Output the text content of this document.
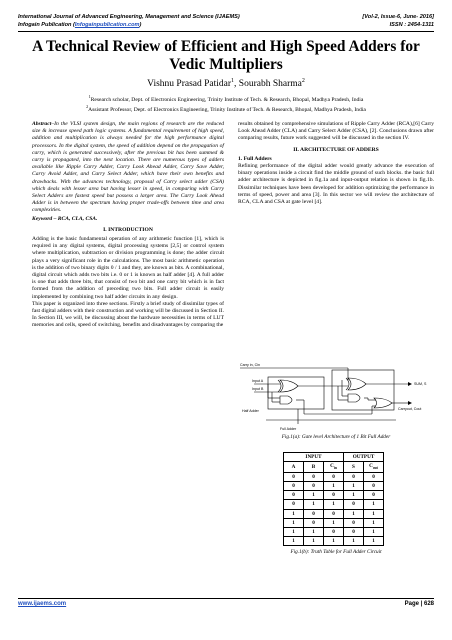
International Journal of Advanced Engineering, Management and Science (IJAEMS)	[Vol-2, Issue-6, June- 2016]
Infogain Publication (Infogainpublication.com)	ISSN : 2454-1311
A Technical Review of Efficient and High Speed Adders for Vedic Multipliers
Vishnu Prasad Patidar$^1$, Sourabh Sharma$^2$
$^1$Research scholar, Dept. of Electronics Engineering, Trinity Institute of Tech. & Research, Bhopal, Madhya Pradesh, India
$^2$Assistant Professor, Dept. of Electronics Engineering, Trinity Institute of Tech. & Research, Bhopal, Madhya Pradesh, India

Abstract–In the VLSI system design, the main regions of research are the reduced size & increase speed path logic systems. A fundamental requirement of high speed, addition and multiplication is always needed for the high performance digital processors. In the digital system, the speed of addition depend on the propagation of carry, which is generated successively, after the previous bit has been summed & carry is propagated, into the next location. There are numerous types of adders available like Ripple Carry Adder, Carry Look Ahead Adder, Carry Save Adder, Carry Avoid Adder, and Carry Select Adder, which have their own benefits and drawbacks. With the advances technology, proposal of Carry select adder (CSA) which deals with lesser area but having lesser in speed, in comparing with Carry Select Adders are fastest speed but possess a larger area. The Carry Look Ahead Adder is in between the spectrum having proper trade-offs between time and area complexities.

Keyword – RCA, CLA, CSA.

I. INTRODUCTION

Adding is the basic fundamental operation of any arithmetic function [1], which is required in any digital systems, digital processing systems [2,5] or control system where multiplication, subtraction or division programming is done; the adder circuit plays a very significant role in the calculations. The most basic arithmetic operation is the addition of two binary digits 0 / 1 and they, are known as bits. A combinational, digital circuit which adds two bits i.e. 0 or 1 is known as half adder [4]. A full adder is one that adds three bits, that consist of two bit and one carry bit which is in fact formed from the addition of preceding two bits. Full adder circuit is easily implemented by combining two half adder circuits in any design.

This paper is organized into three sections. Firstly a brief study of dissimilar types of fast digital adders with their construction and working will be discussed in Section II. In Section III, we will, be discussing about the hardware necessities in terms of LUT memories and cells, speed of switching, benefits and disadvantages by comparing the

results obtained by comprehensive simulations of Ripple Carry Adder (RCA),[6] Carry Look Ahead Adder (CLA) and Carry Select Adder (CSA), [2]. Conclusions drawn after comparing results, future work suggested will be discussed in the section IV.

II. ARCHITECTURE OF ADDERS

1. Full Adders

Refining performance of the digital adder would greatly advance the execution of binary operations inside a circuit find the middle ground of such blocks. the basic full adder architecture is depicted in fig.1a and input-output relation is shown in fig.1b. Dissimilar techniques have been developed for addition optimizing the performance in terms of speed, power and area [3]. In this sector we will review the architecture of RCA, CLA and CSA at gate level [4].

Carry in, Cin
Input A
Input B
SUM, S
Carryout, Cout
Half Adder
Full Adder
Fig.1(a): Gate level Architecture of 1 Bit Full Adder
INPUT			OUTPUT	
A	B	$C_{in}$	S	$C_{out}$
0	0	0	0	0
0	0	1	1	0
0	1	0	1	0
0	1	1	0	1
1	0	0	1	1
1	0	1	0	1
1	1	0	0	1
1	1	1	1	1
Fig.1(b): Truth Table for Full Adder Circuit
www.ijaems.com	Page | 628
